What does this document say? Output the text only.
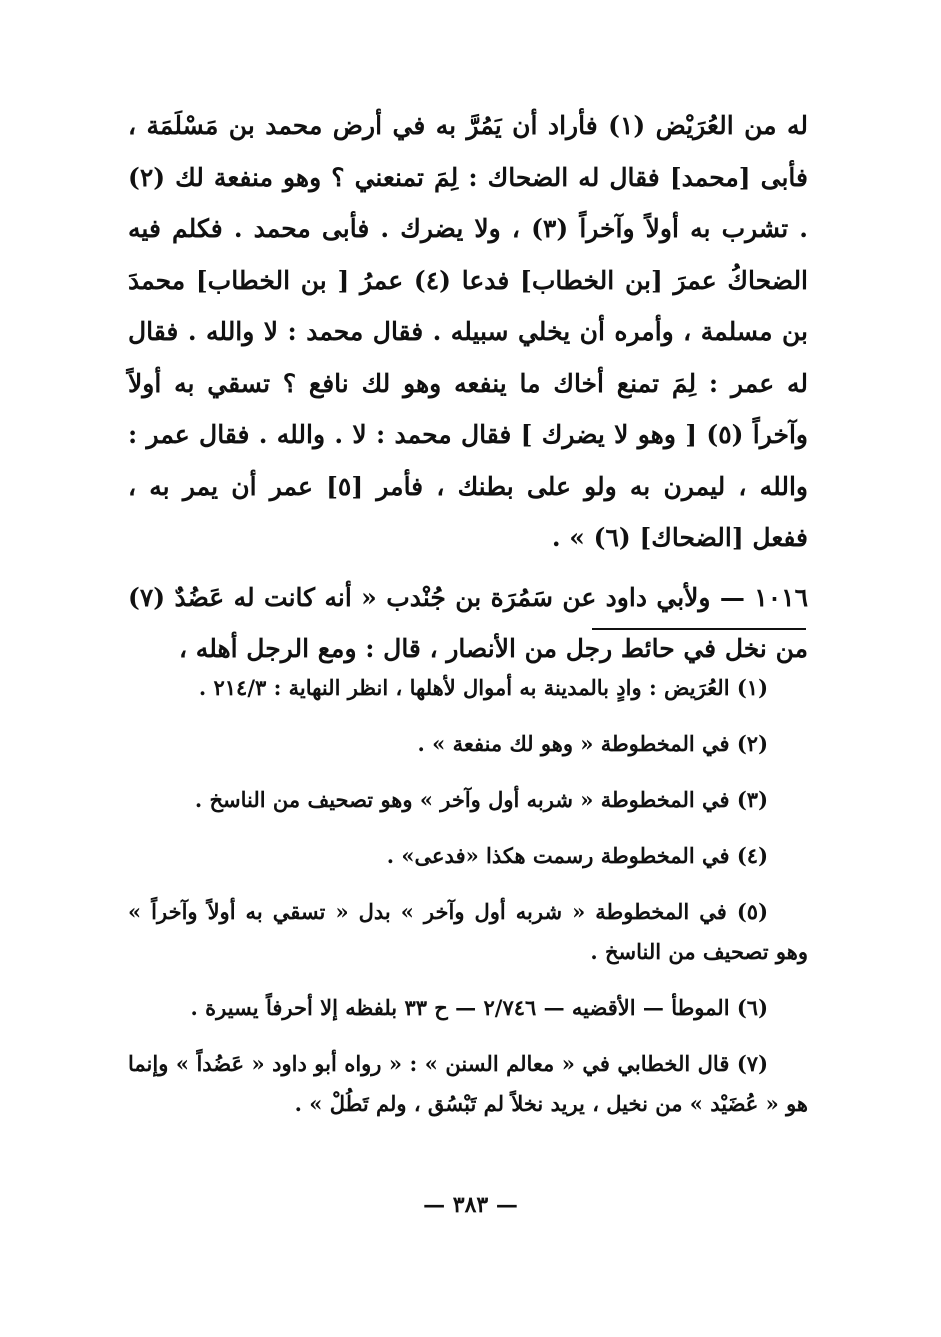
له من العُرَيْض (١) فأراد أن يَمُرَّ به في أرض محمد بن مَسْلَمَة ، فأبى [محمد] فقال له الضحاك : لِمَ تمنعني ؟ وهو منفعة لك (٢) . تشرب به أولاً وآخراً (٣) ، ولا يضرك . فأبى محمد . فكلم فيه الضحاكُ عمرَ [بن الخطاب] فدعا (٤) عمرُ [ بن الخطاب] محمدَ بن مسلمة ، وأمره أن يخلي سبيله . فقال محمد : لا والله . فقال له عمر : لِمَ تمنع أخاك ما ينفعه وهو لك نافع ؟ تسقي به أولاً وآخراً (٥) [ وهو لا يضرك ] فقال محمد : لا . والله . فقال عمر : والله ، ليمرن به ولو على بطنك ، فأمر [٥] عمر أن يمر به ، ففعل [الضحاك] (٦) » .

١٠١٦ — ولأبي داود عن سَمُرَة بن جُنْدب « أنه كانت له عَضُدٌ (٧) من نخل في حائط رجل من الأنصار ، قال : ومع الرجل أهله ،

(١) العُرَيض : وادٍ بالمدينة به أموال لأهلها ، انظر النهاية : ٢١٤/٣ .

(٢) في المخطوطة « وهو لك منفعة » .

(٣) في المخطوطة « شربه أول وآخر » وهو تصحيف من الناسخ .

(٤) في المخطوطة رسمت هكذا «فدعى» .

(٥) في المخطوطة « شربه أول وآخر » بدل « تسقي به أولاً وآخراً » وهو تصحيف من الناسخ .

(٦) الموطأ — الأقضيه — ٢/٧٤٦ — ح ٣٣ بلفظه إلا أحرفاً يسيرة .

(٧) قال الخطابي في « معالم السنن » : « رواه أبو داود « عَضُداً » وإنما هو « عُضَيْد » من نخيل ، يريد نخلاً لم تَبْسُق ، ولم تَطُلْ » .

— ٣٨٣ —
